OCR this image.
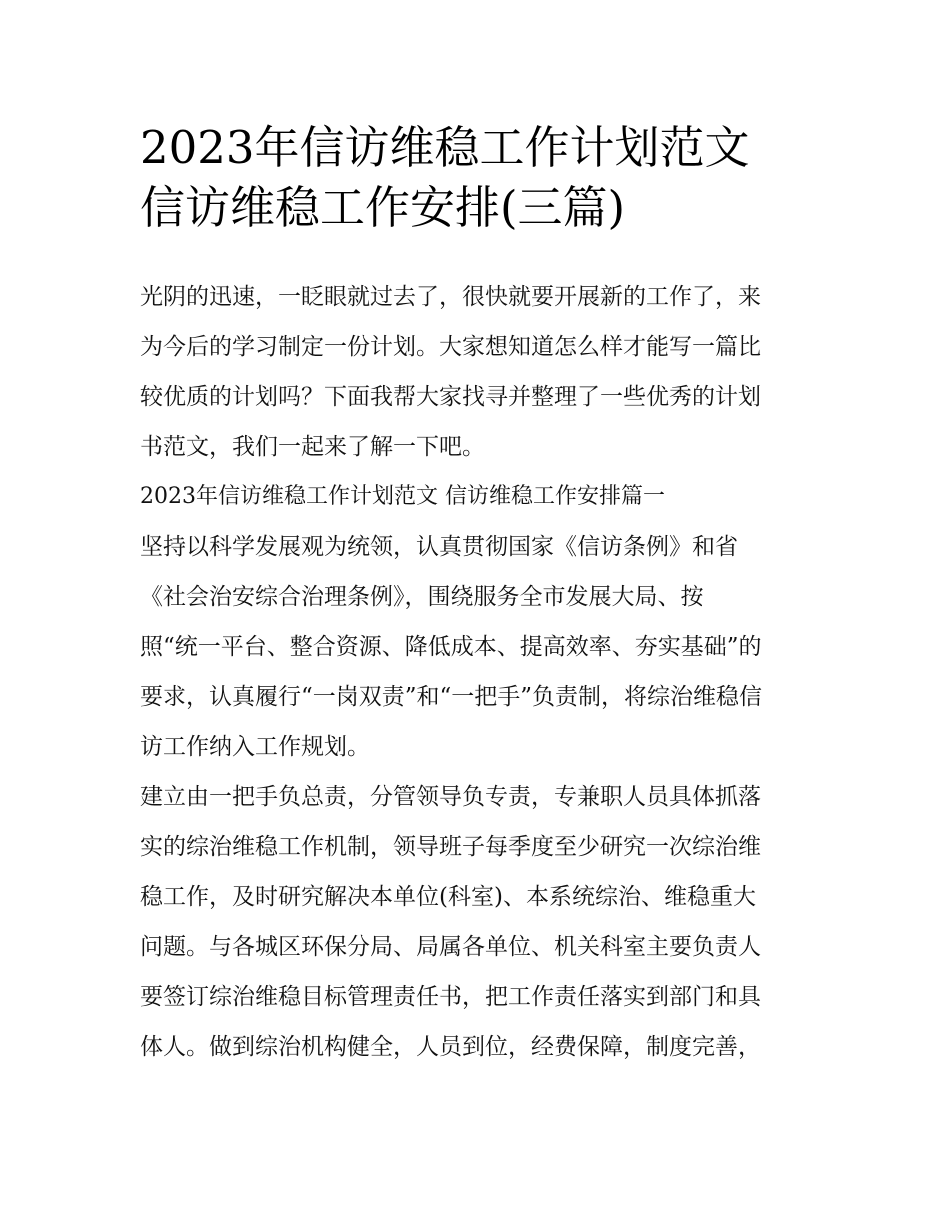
2023年信访维稳工作计划范文
信访维稳工作安排(三篇)

光阴的迅速，一眨眼就过去了，很快就要开展新的工作了，来
为今后的学习制定一份计划。大家想知道怎么样才能写一篇比
较优质的计划吗？下面我帮大家找寻并整理了一些优秀的计划
书范文，我们一起来了解一下吧。

2023年信访维稳工作计划范文 信访维稳工作安排篇一

坚持以科学发展观为统领，认真贯彻国家《信访条例》和省
《社会治安综合治理条例》，围绕服务全市发展大局、按
照“统一平台、整合资源、降低成本、提高效率、夯实基础”的
要求，认真履行“一岗双责”和“一把手”负责制，将综治维稳信
访工作纳入工作规划。

建立由一把手负总责，分管领导负专责，专兼职人员具体抓落
实的综治维稳工作机制，领导班子每季度至少研究一次综治维
稳工作，及时研究解决本单位(科室)、本系统综治、维稳重大
问题。与各城区环保分局、局属各单位、机关科室主要负责人
要签订综治维稳目标管理责任书，把工作责任落实到部门和具
体人。做到综治机构健全，人员到位，经费保障，制度完善，
